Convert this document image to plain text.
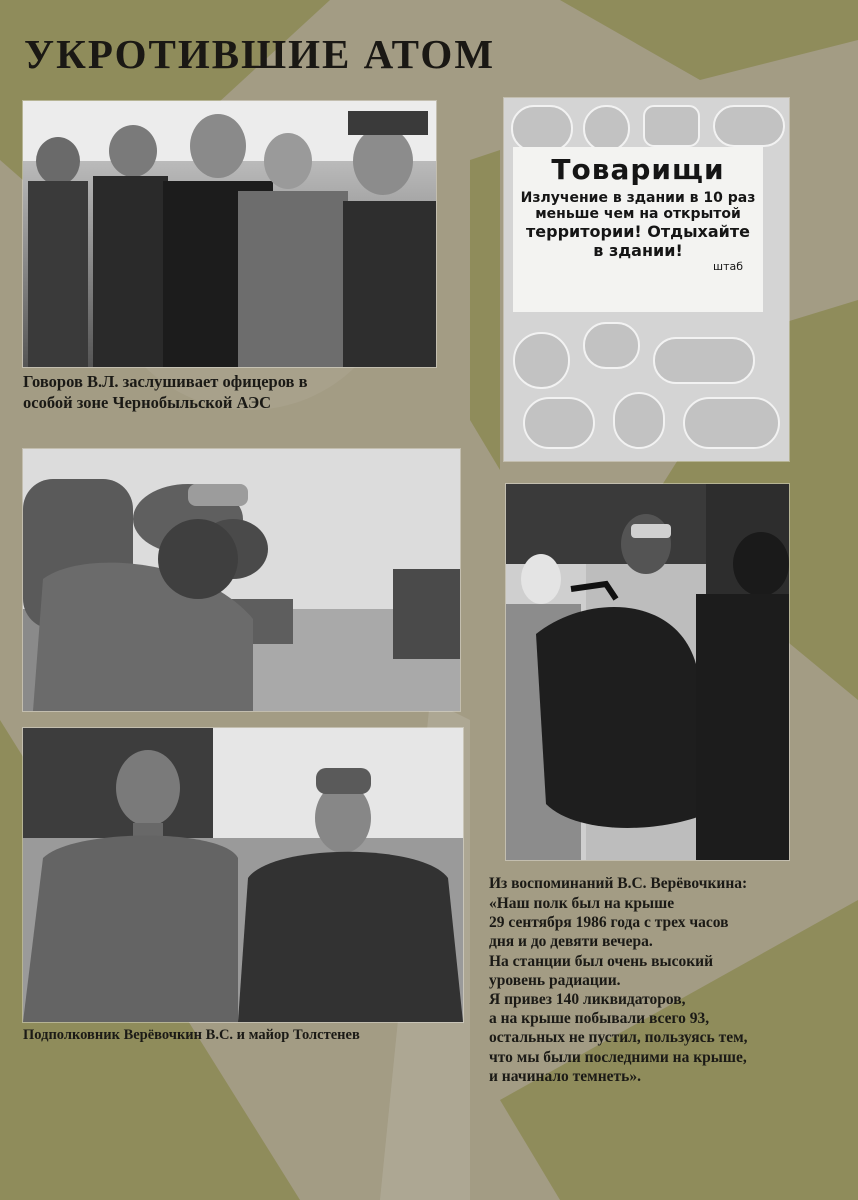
УКРОТИВШИЕ АТОМ

Говоров В.Л. заслушивает офицеров в
особой зоне Чернобыльской АЭС

Товарищи
Излучение в здании в 10 раз
меньше чем на открытой
территории! Отдыхайте
в здании!
штаб

Подполковник Верёвочкин В.С. и майор Толстенев

Из воспоминаний В.С. Верёвочкина:

«Наш полк был на крыше
29 сентября 1986 года с трех часов
дня и до девяти вечера.
На станции был очень высокий
уровень радиации.
Я привез 140 ликвидаторов,
а на крыше побывали всего 93,
остальных не пустил, пользуясь тем,
что мы были последними на крыше,
и начинало темнеть».
